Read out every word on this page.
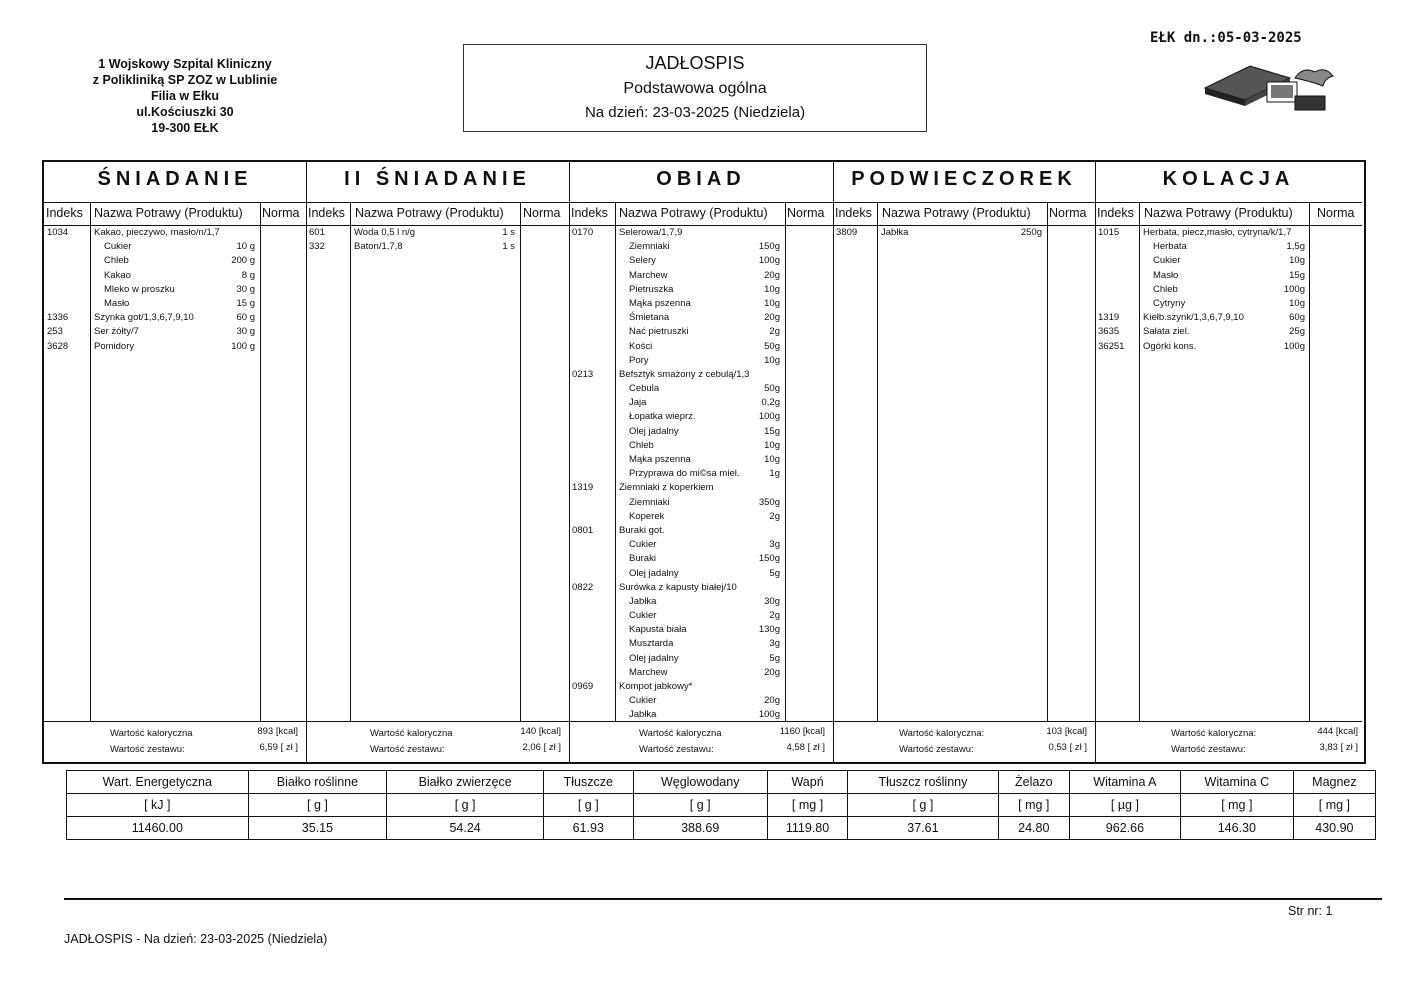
1 Wojskowy Szpital Kliniczny
z Polikliniką SP ZOZ w Lublinie
Filia w Ełku
ul.Kościuszki 30
19-300 EŁK
JADŁOSPIS
Podstawowa ogólna
Na dzień: 23-03-2025 (Niedziela)
EŁK dn.:05-03-2025
ŚNIADANIE
Indeks Nazwa Potrawy (Produktu) Norma
1034	Kakao, pieczywo, masło/n/1,7
Cukier	10 g
Chleb	200 g
Kakao	8 g
Mleko w proszku	30 g
Masło	15 g
1336	Szynka got/1,3,6,7,9,10	60 g
253	Ser żółty/7	30 g
3628	Pomidory	100 g
Wartość kaloryczna	893 [kcal]
Wartość zestawu:	6,59 [ zł ]
II ŚNIADANIE
Indeks Nazwa Potrawy (Produktu) Norma
601	Woda 0,5 l n/g	1 s
332	Baton/1,7,8	1 s
Wartość kaloryczna	140 [kcal]
Wartość zestawu:	2,06 [ zł ]
OBIAD
Indeks Nazwa Potrawy (Produktu) Norma
0170	Selerowa/1,7,9
Ziemniaki	150g
Selery	100g
Marchew	20g
Pietruszka	10g
Mąka pszenna	10g
Śmietana	20g
Nać pietruszki	2g
Kości	50g
Pory	10g
0213	Befsztyk smażony z cebulą/1,3
Cebula	50g
Jaja	0,2g
Łopatka wieprz.	100g
Olej jadalny	15g
Chleb	10g
Mąka pszenna	10g
Przyprawa do mi©sa miel.	1g
1319	Ziemniaki z koperkiem
Ziemniaki	350g
Koperek	2g
0801	Buraki got.
Cukier	3g
Buraki	150g
Olej jadalny	5g
0822	Surówka z kapusty białej/10
Jabłka	30g
Cukier	2g
Kapusta biała	130g
Musztarda	3g
Olej jadalny	5g
Marchew	20g
0969	Kompot jabkowy*
Cukier	20g
Jabłka	100g
Wartość kaloryczna	1160 [kcal]
Wartość zestawu:	4,58 [ zł ]
PODWIECZOREK
Indeks Nazwa Potrawy (Produktu) Norma
3809	Jabłka	250g
Wartość kaloryczna:	103 [kcal]
Wartość zestawu:	0,53 [ zł ]
KOLACJA
Indeks Nazwa Potrawy (Produktu) Norma
1015	Herbata, piecz,masło, cytryna/k/1,7
Herbata	1,5g
Cukier	10g
Masło	15g
Chleb	100g
Cytryny	10g
1319	Kiełb.szynk/1,3,6,7,9,10	60g
3635	Sałata ziel.	25g
36251 Ogórki kons.	100g
Wartość kaloryczna:	444 [kcal]
Wartość zestawu:	3,83 [ zł ]
Wart. Energetyczna	Białko roślinne	Białko zwierzęce	Tłuszcze	Węglowodany	Wapń	Tłuszcz roślinny	Żelazo	Witamina A	Witamina C	Magnez
[ kJ ]	[ g ]	[ g ]	[ g ]	[ g ]	[ mg ]	[ g ]	[ mg ]	[ µg ]	[ mg ]	[ mg ]
11460.00	35.15	54.24	61.93	388.69	1119.80	37.61	24.80	962.66	146.30	430.90
Str nr: 1
JADŁOSPIS - Na dzień: 23-03-2025 (Niedziela)
